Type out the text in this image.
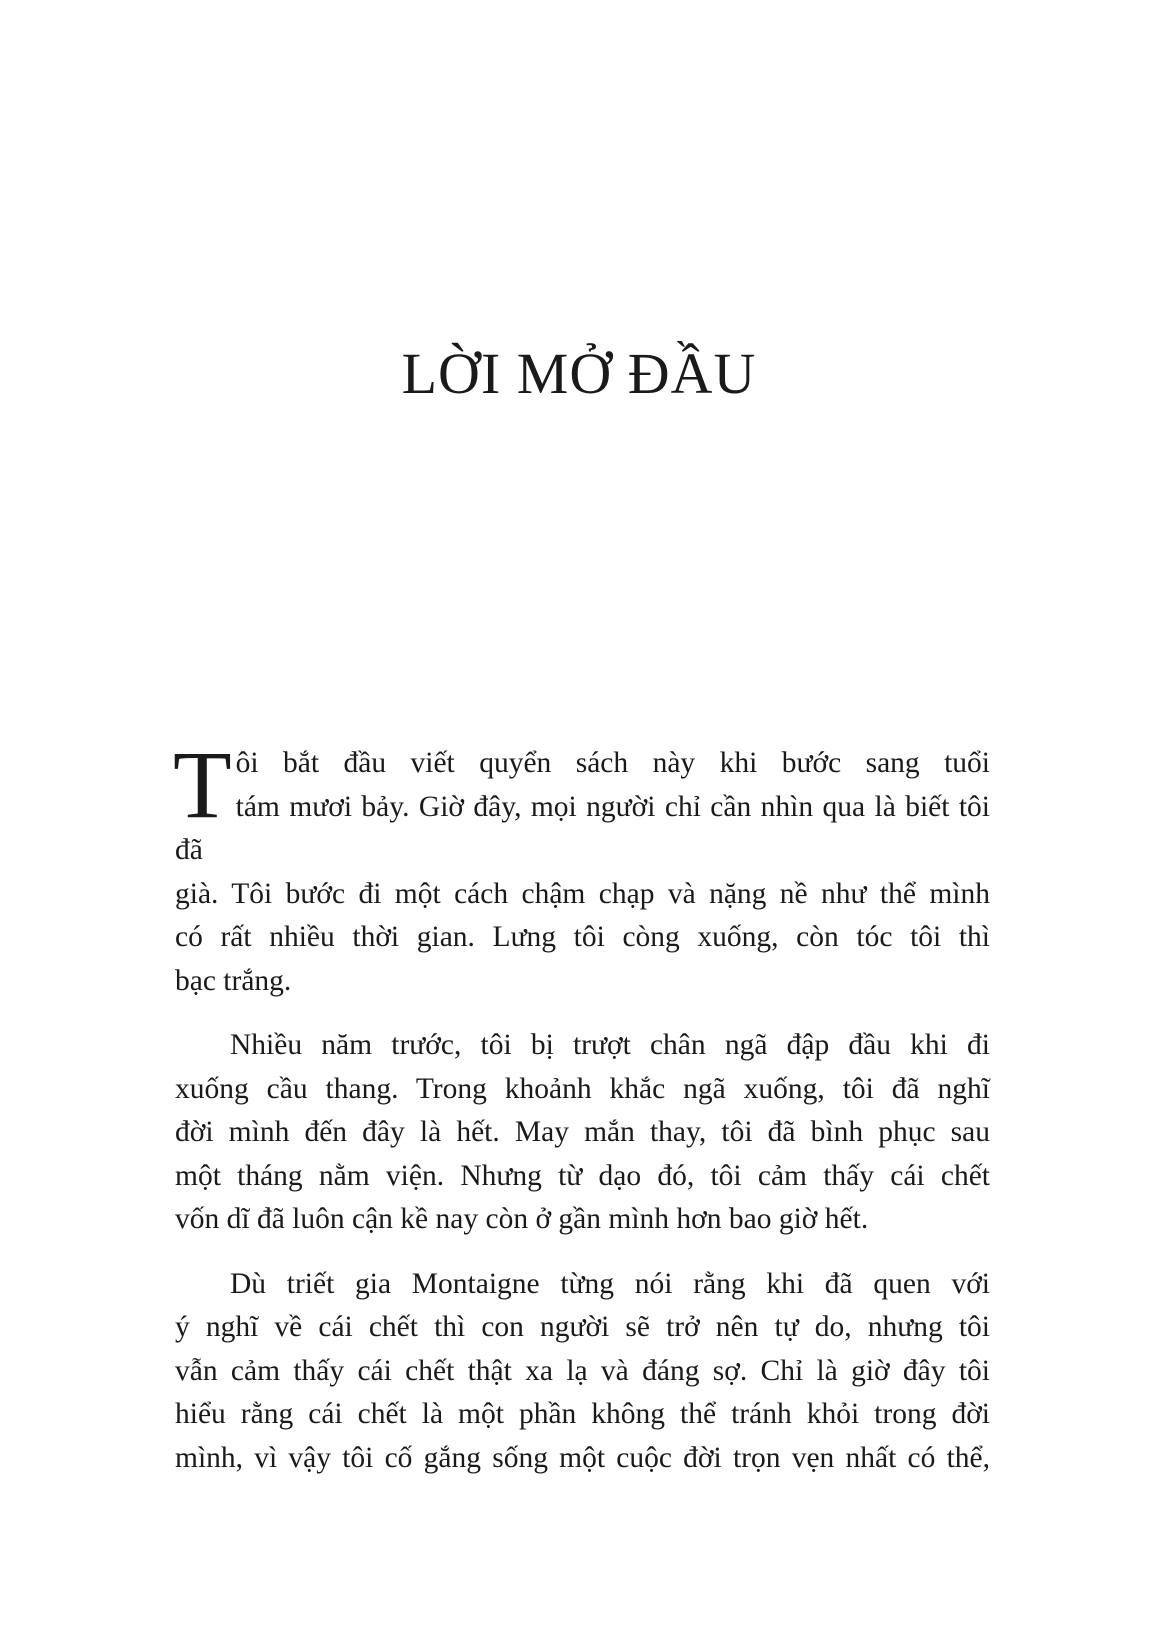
LỜI MỞ ĐẦU

T ôi bắt đầu viết quyển sách này khi bước sang tuổi
tám mươi bảy. Giờ đây, mọi người chỉ cần nhìn qua là biết tôi đã
già. Tôi bước đi một cách chậm chạp và nặng nề như thể mình
có rất nhiều thời gian. Lưng tôi còng xuống, còn tóc tôi thì
bạc trắng.

Nhiều năm trước, tôi bị trượt chân ngã đập đầu khi đi
xuống cầu thang. Trong khoảnh khắc ngã xuống, tôi đã nghĩ
đời mình đến đây là hết. May mắn thay, tôi đã bình phục sau
một tháng nằm viện. Nhưng từ dạo đó, tôi cảm thấy cái chết
vốn dĩ đã luôn cận kề nay còn ở gần mình hơn bao giờ hết.

Dù triết gia Montaigne từng nói rằng khi đã quen với
ý nghĩ về cái chết thì con người sẽ trở nên tự do, nhưng tôi
vẫn cảm thấy cái chết thật xa lạ và đáng sợ. Chỉ là giờ đây tôi
hiểu rằng cái chết là một phần không thể tránh khỏi trong đời
mình, vì vậy tôi cố gắng sống một cuộc đời trọn vẹn nhất có thể,
